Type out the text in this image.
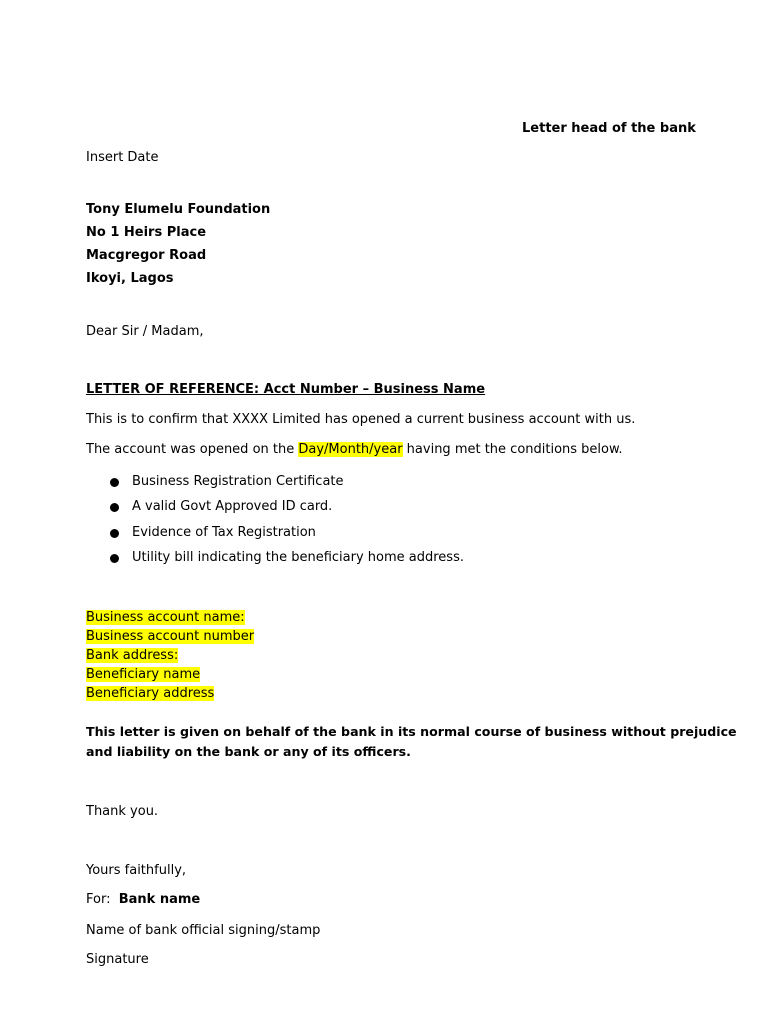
Letter head of the bank
Insert Date
Tony Elumelu Foundation
No 1 Heirs Place
Macgregor Road
Ikoyi, Lagos
Dear Sir / Madam,
LETTER OF REFERENCE: Acct Number – Business Name
This is to confirm that XXXX Limited has opened a current business account with us.
The account was opened on the Day/Month/year having met the conditions below.
Business Registration Certificate
A valid Govt Approved ID card.
Evidence of Tax Registration
Utility bill indicating the beneficiary home address.
Business account name:
Business account number
Bank address:
Beneficiary name
Beneficiary address
This letter is given on behalf of the bank in its normal course of business without prejudice and liability on the bank or any of its officers.
Thank you.
Yours faithfully,
For: Bank name
Name of bank official signing/stamp
Signature
